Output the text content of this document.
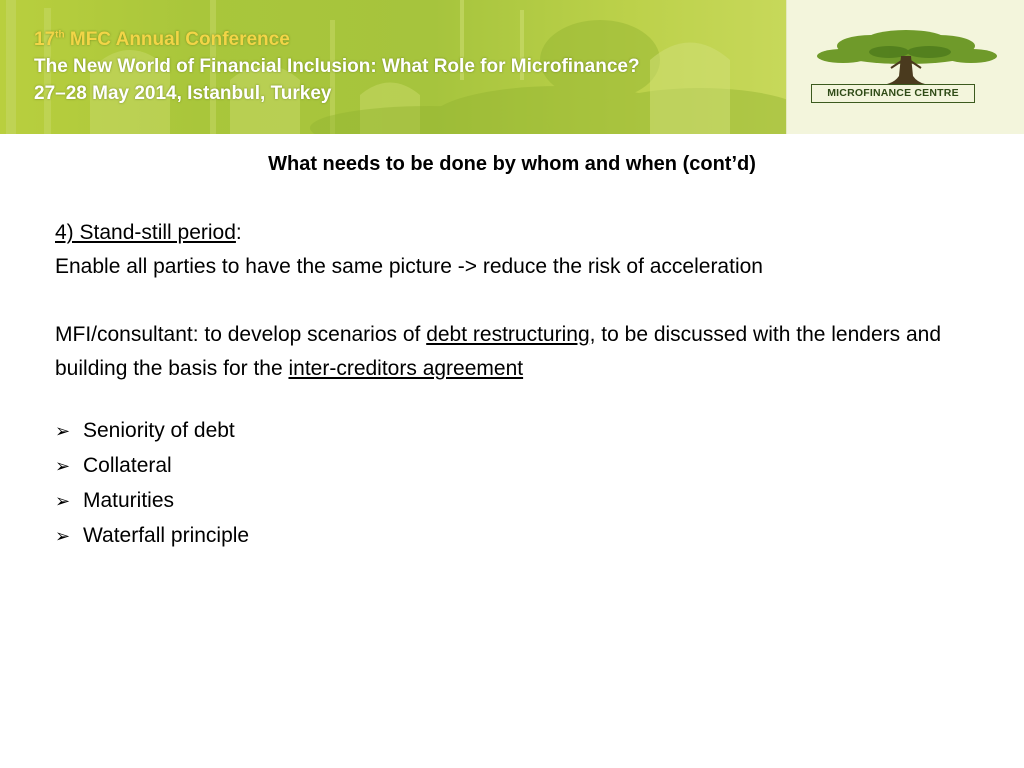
17th MFC Annual Conference
The New World of Financial Inclusion: What Role for Microfinance?
27–28 May 2014, Istanbul, Turkey	MICROFINANCE CENTRE
What needs to be done by whom and when (cont’d)
4) Stand-still period:
Enable all parties to have the same picture -> reduce the risk of acceleration
MFI/consultant: to develop scenarios of debt restructuring, to be discussed with the lenders and building the basis for the inter-creditors agreement
➢ Seniority of debt
➢ Collateral
➢ Maturities
➢ Waterfall principle
